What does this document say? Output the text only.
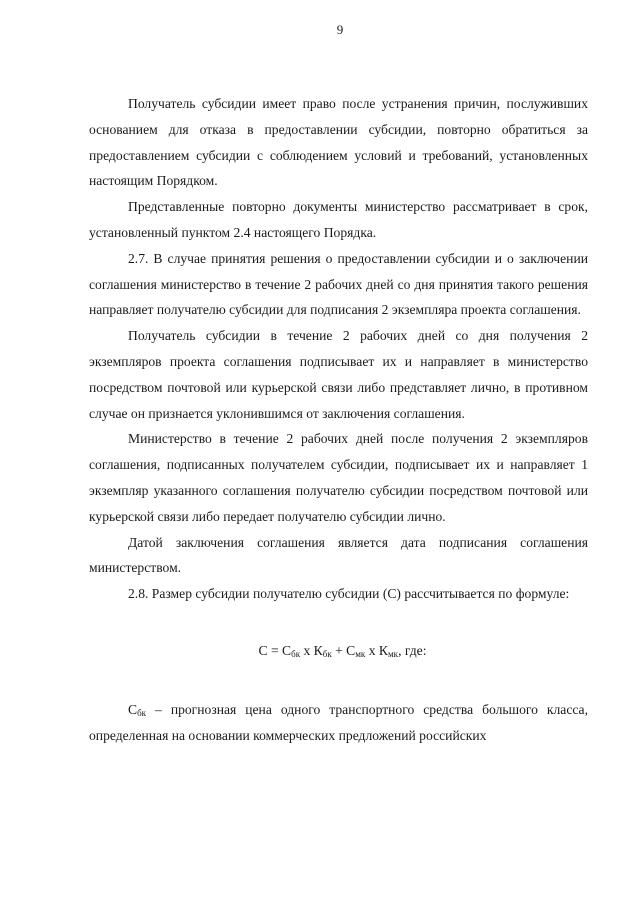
9

Получатель субсидии имеет право после устранения причин, послуживших основанием для отказа в предоставлении субсидии, повторно обратиться за предоставлением субсидии с соблюдением условий и требований, установленных настоящим Порядком.

Представленные повторно документы министерство рассматривает в срок, установленный пунктом 2.4 настоящего Порядка.

2.7. В случае принятия решения о предоставлении субсидии и о заключении соглашения министерство в течение 2 рабочих дней со дня принятия такого решения направляет получателю субсидии для подписания 2 экземпляра проекта соглашения.

Получатель субсидии в течение 2 рабочих дней со дня получения 2 экземпляров проекта соглашения подписывает их и направляет в министерство посредством почтовой или курьерской связи либо представляет лично, в противном случае он признается уклонившимся от заключения соглашения.

Министерство в течение 2 рабочих дней после получения 2 экземпляров соглашения, подписанных получателем субсидии, подписывает их и направляет 1 экземпляр указанного соглашения получателю субсидии посредством почтовой или курьерской связи либо передает получателю субсидии лично.

Датой заключения соглашения является дата подписания соглашения министерством.

2.8. Размер субсидии получателю субсидии (С) рассчитывается по формуле:

$С = С_{бк}$ х $К_{бк} + С_{мк}$ х $К_{мк}$, где:

$С_{бк}$ – прогнозная цена одного транспортного средства большого класса, определенная на основании коммерческих предложений российских
